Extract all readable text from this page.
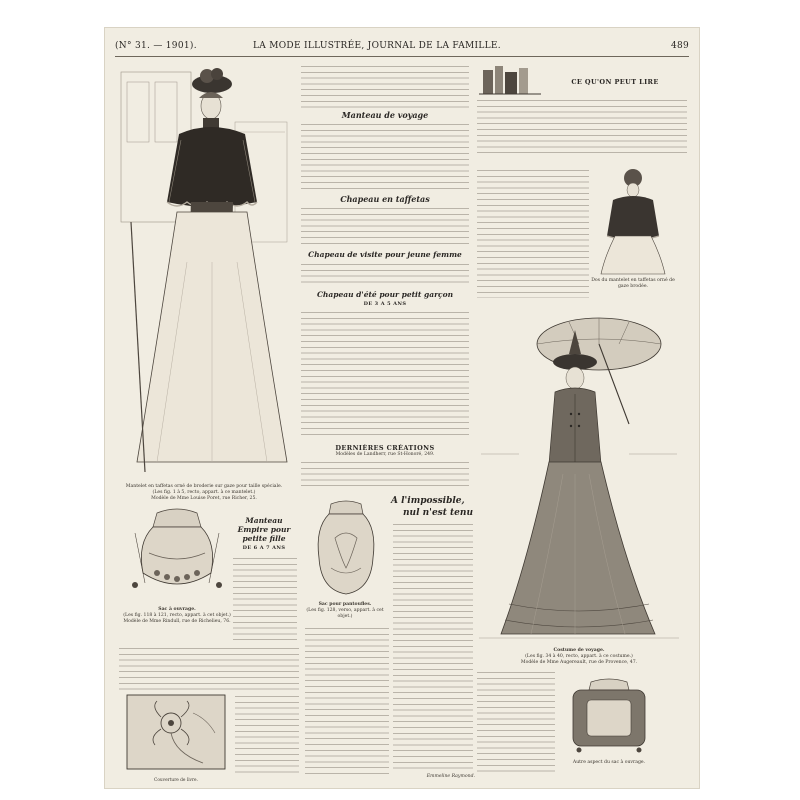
(N° 31. — 1901).	LA MODE ILLUSTRÉE, JOURNAL DE LA FAMILLE.	489
Mantelet en taffetas orné de broderie sur gaze pour taille spéciale.
(Les fig. 1 à 5, recto, appart. à ce mantelet.)
Modèle de Mme Louise Poret, rue Richer, 25.
Sac à ouvrage.
(Les fig. 118 à 121, recto, appart. à cet objet.)
Modèle de Mme Rindull, rue de Richelieu, 76.
Manteau Empire pour petite fille
DE 6 A 7 ANS
Couverture de livre.
Manteau de voyage
Chapeau en taffetas
Chapeau de visite pour jeune femme
Chapeau d'été pour petit garçon
DE 3 A 5 ANS
DERNIÈRES CRÉATIONS
Modèles de Landherr, rue St-Honoré, 249.
Sac pour pantoufles.
(Les fig. 128, verso, appart. à cet objet.)
A l'impossible,
nul n'est tenu
Emmeline Raymond.
CE QU'ON PEUT LIRE
Dos du mantelet en taffetas orné de gaze brodée.
Costume de voyage.
(Les fig. 34 à 40, recto, appart. à ce costume.)
Modèle de Mme Augereault, rue de Provence, 47.
Autre aspect du sac à ouvrage.
